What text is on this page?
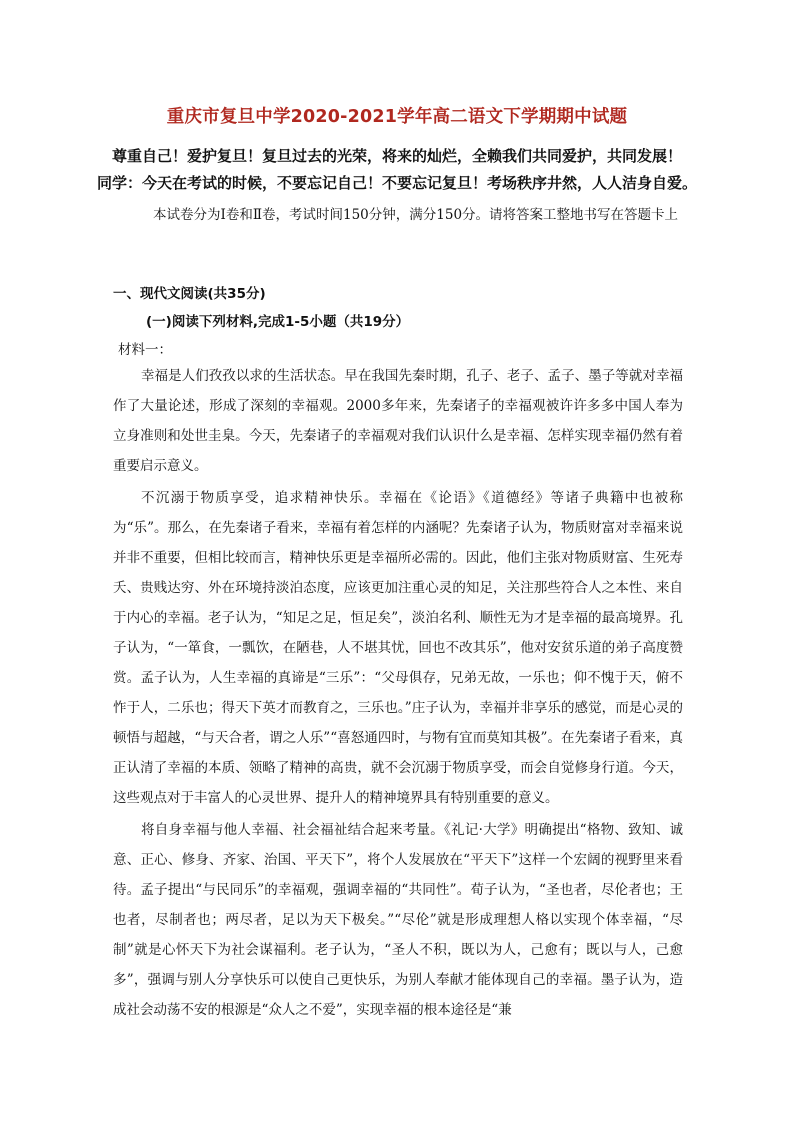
重庆市复旦中学2020-2021学年高二语文下学期期中试题
尊重自己！爱护复旦！复旦过去的光荣，将来的灿烂，全赖我们共同爱护，共同发展！
同学：今天在考试的时候，不要忘记自己！不要忘记复旦！考场秩序井然，人人洁身自爱。
本试卷分为Ⅰ卷和Ⅱ卷，考试时间150分钟，满分150分。请将答案工整地书写在答题卡上
一、现代文阅读(共35分)
(一)阅读下列材料,完成1-5小题（共19分）
材料一：

幸福是人们孜孜以求的生活状态。早在我国先秦时期，孔子、老子、孟子、墨子等就对幸福作了大量论述，形成了深刻的幸福观。2000多年来，先秦诸子的幸福观被许许多多中国人奉为立身准则和处世圭臬。今天，先秦诸子的幸福观对我们认识什么是幸福、怎样实现幸福仍然有着重要启示意义。

不沉溺于物质享受，追求精神快乐。幸福在《论语》《道德经》等诸子典籍中也被称为“乐”。那么，在先秦诸子看来，幸福有着怎样的内涵呢？先秦诸子认为，物质财富对幸福来说并非不重要，但相比较而言，精神快乐更是幸福所必需的。因此，他们主张对物质财富、生死寿夭、贵贱达穷、外在环境持淡泊态度，应该更加注重心灵的知足，关注那些符合人之本性、来自于内心的幸福。老子认为，“知足之足，恒足矣”，淡泊名利、顺性无为才是幸福的最高境界。孔子认为，“一箪食，一瓢饮，在陋巷，人不堪其忧，回也不改其乐”，他对安贫乐道的弟子高度赞赏。孟子认为，人生幸福的真谛是“三乐”：“父母俱存，兄弟无故，一乐也；仰不愧于天，俯不怍于人，二乐也；得天下英才而教育之，三乐也。”庄子认为，幸福并非享乐的感觉，而是心灵的顿悟与超越，“与天合者，谓之人乐”“喜怒通四时，与物有宜而莫知其极”。在先秦诸子看来，真正认清了幸福的本质、领略了精神的高贵，就不会沉溺于物质享受，而会自觉修身行道。今天，这些观点对于丰富人的心灵世界、提升人的精神境界具有特别重要的意义。

将自身幸福与他人幸福、社会福祉结合起来考量。《礼记·大学》明确提出“格物、致知、诚意、正心、修身、齐家、治国、平天下”，将个人发展放在“平天下”这样一个宏阔的视野里来看待。孟子提出“与民同乐”的幸福观，强调幸福的“共同性”。荀子认为，“圣也者，尽伦者也；王也者，尽制者也；两尽者，足以为天下极矣。”“尽伦”就是形成理想人格以实现个体幸福，“尽制”就是心怀天下为社会谋福利。老子认为，“圣人不积，既以为人，己愈有；既以与人，己愈多”，强调与别人分享快乐可以使自己更快乐，为别人奉献才能体现自己的幸福。墨子认为，造成社会动荡不安的根源是“众人之不爱”，实现幸福的根本途径是“兼
